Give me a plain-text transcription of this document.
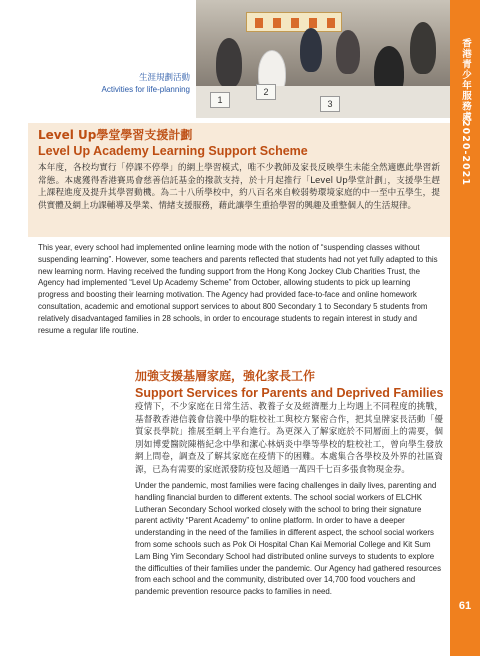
1
2
3
生涯規劃活動
Activities for life-planning	香港青少年服務處
2020-2021
61
Level Up學堂學習支援計劃
Level Up Academy Learning Support Scheme

本年度，各校均實行「停課不停學」的網上學習模式，唯不少教師及家長反映學生未能全然適應此學習新常態。本處獲得香港賽馬會慈善信託基金的撥款支持，於十月起推行「Level Up學堂計劃」，支援學生趕上課程進度及提升其學習動機。為二十八所學校中，約八百名來自較弱勢環境家庭的中一至中五學生，提供實體及網上功課輔導及學業、情緒支援服務，藉此讓學生重拾學習的興趣及重整個人的生活規律。

This year, every school had implemented online learning mode with the notion of “suspending classes without suspending learning”. However, some teachers and parents reflected that students had not yet fully adapted to this new learning norm. Having received the funding support from the Hong Kong Jockey Club Charities Trust, the Agency had implemented “Level Up Academy Scheme” from October, allowing students to pick up learning progress and boosting their learning motivation. The Agency had provided face-to-face and online homework consultation, academic and emotional support services to about 800 Secondary 1 to Secondary 5 students from relatively disadvantaged families in 28 schools, in order to encourage students to regain interest in study and resume a regular life routine.

加強支援基層家庭，強化家長工作
Support Services for Parents and Deprived Families

疫情下，不少家庭在日常生活、教養子女及經濟壓力上均遇上不同程度的挑戰，基督教香港信義會信義中學的駐校社工與校方緊密合作，把其皇牌家長活動「優質家長學院」推展至網上平台進行。為更深入了解家庭於不同層面上的需要，個別如博愛醫院陳楷紀念中學和潔心林炳炎中學等學校的駐校社工，曾向學生發放網上問卷，調查及了解其家庭在疫情下的困難。本處集合各學校及外界的社區資源，已為有需要的家庭派發防疫包及超過一萬四千七百多張食物現金券。

Under the pandemic, most families were facing challenges in daily lives, parenting and handling financial burden to different extents. The school social workers of ELCHK Lutheran Secondary School worked closely with the school to bring their signature parent activity “Parent Academy” to online platform. In order to have a deeper understanding in the need of the families in different aspect, the school social workers from some schools such as Pok Oi Hospital Chan Kai Memorial College and Kit Sum Lam Bing Yim Secondary School had distributed online surveys to students to explore the difficulties of their families under the pandemic. Our Agency had gathered resources from each school and the community, distributed over 14,700 food vouchers and pandemic prevention resource packs to families in need.
